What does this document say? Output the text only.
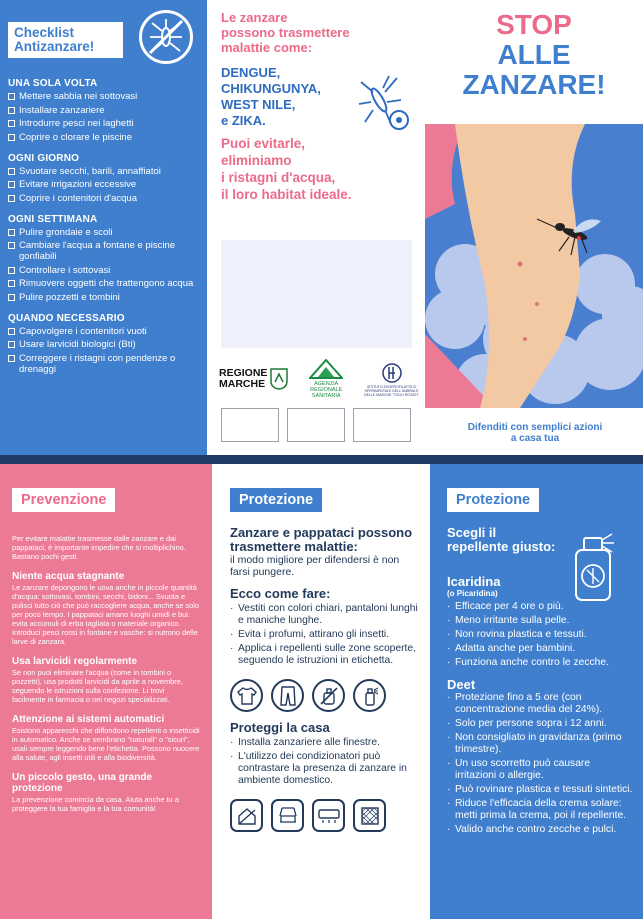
Checklist
Antizanzare!
UNA SOLA VOLTA
Mettere sabbia nei sottovasi
Installare zanzariere
Introdurre pesci nei laghetti
Coprire o clorare le piscine
OGNI GIORNO
Svuotare secchi, barili, annaffiatoi
Evitare irrigazioni eccessive
Coprire i contenitori d'acqua
OGNI SETTIMANA
Pulire grondaie e scoli
Cambiare l'acqua a fontane e piscine gonfiabili
Controllare i sottovasi
Rimuovere oggetti che trattengono acqua
Pulire pozzetti e tombini
QUANDO NECESSARIO
Capovolgere i contenitori vuoti
Usare larvicidi biologici (Bti)
Correggere i ristagni con pendenze o drenaggi
Le zanzare
possono trasmettere
malattie come:
DENGUE,
CHIKUNGUNYA,
WEST NILE,
e ZIKA.
Puoi evitarle,
eliminiamo
i ristagni d'acqua,
il loro habitat ideale.
REGIONE
MARCHE	AGENZIA
REGIONALE
SANITARIA
ISTITUTO ZOOPROFILATTICO SPERIMENTALE DELL'UMBRIA E DELLE MARCHE "TOGO ROSATI"
STOP
ALLE
ZANZARE!
Difenditi con semplici azioni
a casa tua
Prevenzione
Per evitare malattie trasmesse dalle zanzare e dai pappataci, è importante impedire che si moltiplichino. Bastano pochi gesti.
Niente acqua stagnante
Le zanzare depongono le uova anche in piccole quantità d'acqua: sottovasi, tombini, secchi, bidoni... Svuota e pulisci tutto ciò che può raccogliere acqua, anche se solo per poco tempo. I pappataci amano luoghi umidi e bui: evita accumuli di erba tagliata o materiale organico. Introduci pesci rossi in fontane e vasche: si nutrono delle larve di zanzara.
Usa larvicidi regolarmente
Se non puoi eliminare l'acqua (come in tombini o pozzetti), usa prodotti larvicidi da aprile a novembre, seguendo le istruzioni sulla confezione. Li trovi facilmente in farmacia o nei negozi specializzati.
Attenzione ai sistemi automatici
Esistono apparecchi che diffondono repellenti o insetticidi in automatico. Anche se sembrano "naturali" o "sicuri", usali sempre leggendo bene l'etichetta. Possono nuocere alla salute, agli insetti utili e alla biodiversità.
Un piccolo gesto, una grande protezione
La prevenzione comincia da casa. Aiuta anche tu a proteggere la tua famiglia e la tua comunità!
Protezione
Zanzare e pappataci possono trasmettere malattie:
il modo migliore per difendersi è non farsi pungere.
Ecco come fare:
· Vestiti con colori chiari, pantaloni lunghi e maniche lunghe.
· Evita i profumi, attirano gli insetti.
· Applica i repellenti sulle zone scoperte, seguendo le istruzioni in etichetta.
Proteggi la casa
· Installa zanzariere alle finestre.
· L'utilizzo dei condizionatori può contrastare la presenza di zanzare in ambiente domestico.
Protezione
Scegli il repellente giusto:
Icaridina
(o Picaridina)
· Efficace per 4 ore o più.
· Meno irritante sulla pelle.
· Non rovina plastica e tessuti.
· Adatta anche per bambini.
· Funziona anche contro le zecche.
Deet
· Protezione fino a 5 ore (con concentrazione media del 24%).
· Solo per persone sopra i 12 anni.
· Non consigliato in gravidanza (primo trimestre).
· Un uso scorretto può causare irritazioni o allergie.
· Può rovinare plastica e tessuti sintetici.
· Riduce l'efficacia della crema solare: metti prima la crema, poi il repellente.
· Valido anche contro zecche e pulci.
